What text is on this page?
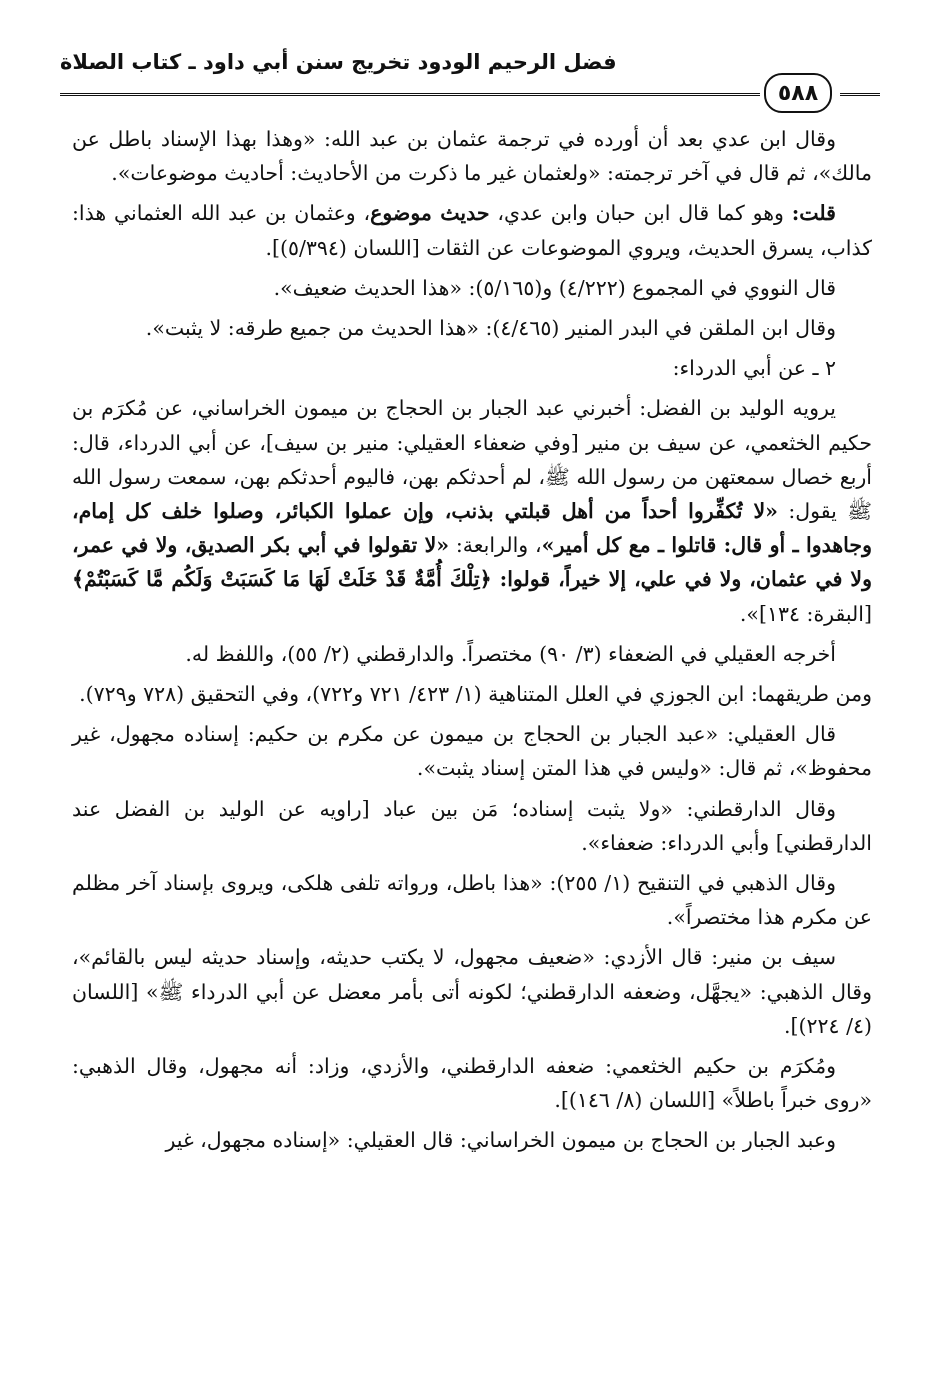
فضل الرحيم الودود تخريج سنن أبي داود ـ كتاب الصلاة
٥٨٨

وقال ابن عدي بعد أن أورده في ترجمة عثمان بن عبد الله: «وهذا بهذا الإسناد باطل عن مالك»، ثم قال في آخر ترجمته: «ولعثمان غير ما ذكرت من الأحاديث: أحاديث موضوعات».

قلت: وهو كما قال ابن حبان وابن عدي، حديث موضوع، وعثمان بن عبد الله العثماني هذا: كذاب، يسرق الحديث، ويروي الموضوعات عن الثقات [اللسان (٥/٣٩٤)].

قال النووي في المجموع (٤/٢٢٢) و(٥/١٦٥): «هذا الحديث ضعيف».

وقال ابن الملقن في البدر المنير (٤/٤٦٥): «هذا الحديث من جميع طرقه: لا يثبت».

٢ ـ عن أبي الدرداء:

يرويه الوليد بن الفضل: أخبرني عبد الجبار بن الحجاج بن ميمون الخراساني، عن مُكرَم بن حكيم الخثعمي، عن سيف بن منير [وفي ضعفاء العقيلي: منير بن سيف]، عن أبي الدرداء، قال: أربع خصال سمعتهن من رسول الله ﷺ، لم أحدثكم بهن، فاليوم أحدثكم بهن، سمعت رسول الله ﷺ يقول: «لا تُكفِّروا أحداً من أهل قبلتي بذنب، وإن عملوا الكبائر، وصلوا خلف كل إمام، وجاهدوا ـ أو قال: قاتلوا ـ مع كل أمير»، والرابعة: «لا تقولوا في أبي بكر الصديق، ولا في عمر، ولا في عثمان، ولا في علي، إلا خيراً، قولوا: ﴿تِلْكَ أُمَّةٌ قَدْ خَلَتْ لَهَا مَا كَسَبَتْ وَلَكُم مَّا كَسَبْتُمْ﴾ [البقرة: ١٣٤]».

أخرجه العقيلي في الضعفاء (٣/ ٩٠) مختصراً. والدارقطني (٢/ ٥٥)، واللفظ له.

ومن طريقهما: ابن الجوزي في العلل المتناهية (١/ ٤٢٣/ ٧٢١ و٧٢٢)، وفي التحقيق (٧٢٨ و٧٢٩).

قال العقيلي: «عبد الجبار بن الحجاج بن ميمون عن مكرم بن حكيم: إسناده مجهول، غير محفوظ»، ثم قال: «وليس في هذا المتن إسناد يثبت».

وقال الدارقطني: «ولا يثبت إسناده؛ مَن بين عباد [راويه عن الوليد بن الفضل عند الدارقطني] وأبي الدرداء: ضعفاء».

وقال الذهبي في التنقيح (١/ ٢٥٥): «هذا باطل، ورواته تلفى هلكى، ويروى بإسناد آخر مظلم عن مكرم هذا مختصراً».

سيف بن منير: قال الأزدي: «ضعيف مجهول، لا يكتب حديثه، وإسناد حديثه ليس بالقائم»، وقال الذهبي: «يجهَّل، وضعفه الدارقطني؛ لكونه أتى بأمر معضل عن أبي الدرداء ﷺ» [اللسان (٤/ ٢٢٤)].

ومُكرَم بن حكيم الخثعمي: ضعفه الدارقطني، والأزدي، وزاد: أنه مجهول، وقال الذهبي: «روى خبراً باطلاً» [اللسان (٨/ ١٤٦)].

وعبد الجبار بن الحجاج بن ميمون الخراساني: قال العقيلي: «إسناده مجهول، غير
